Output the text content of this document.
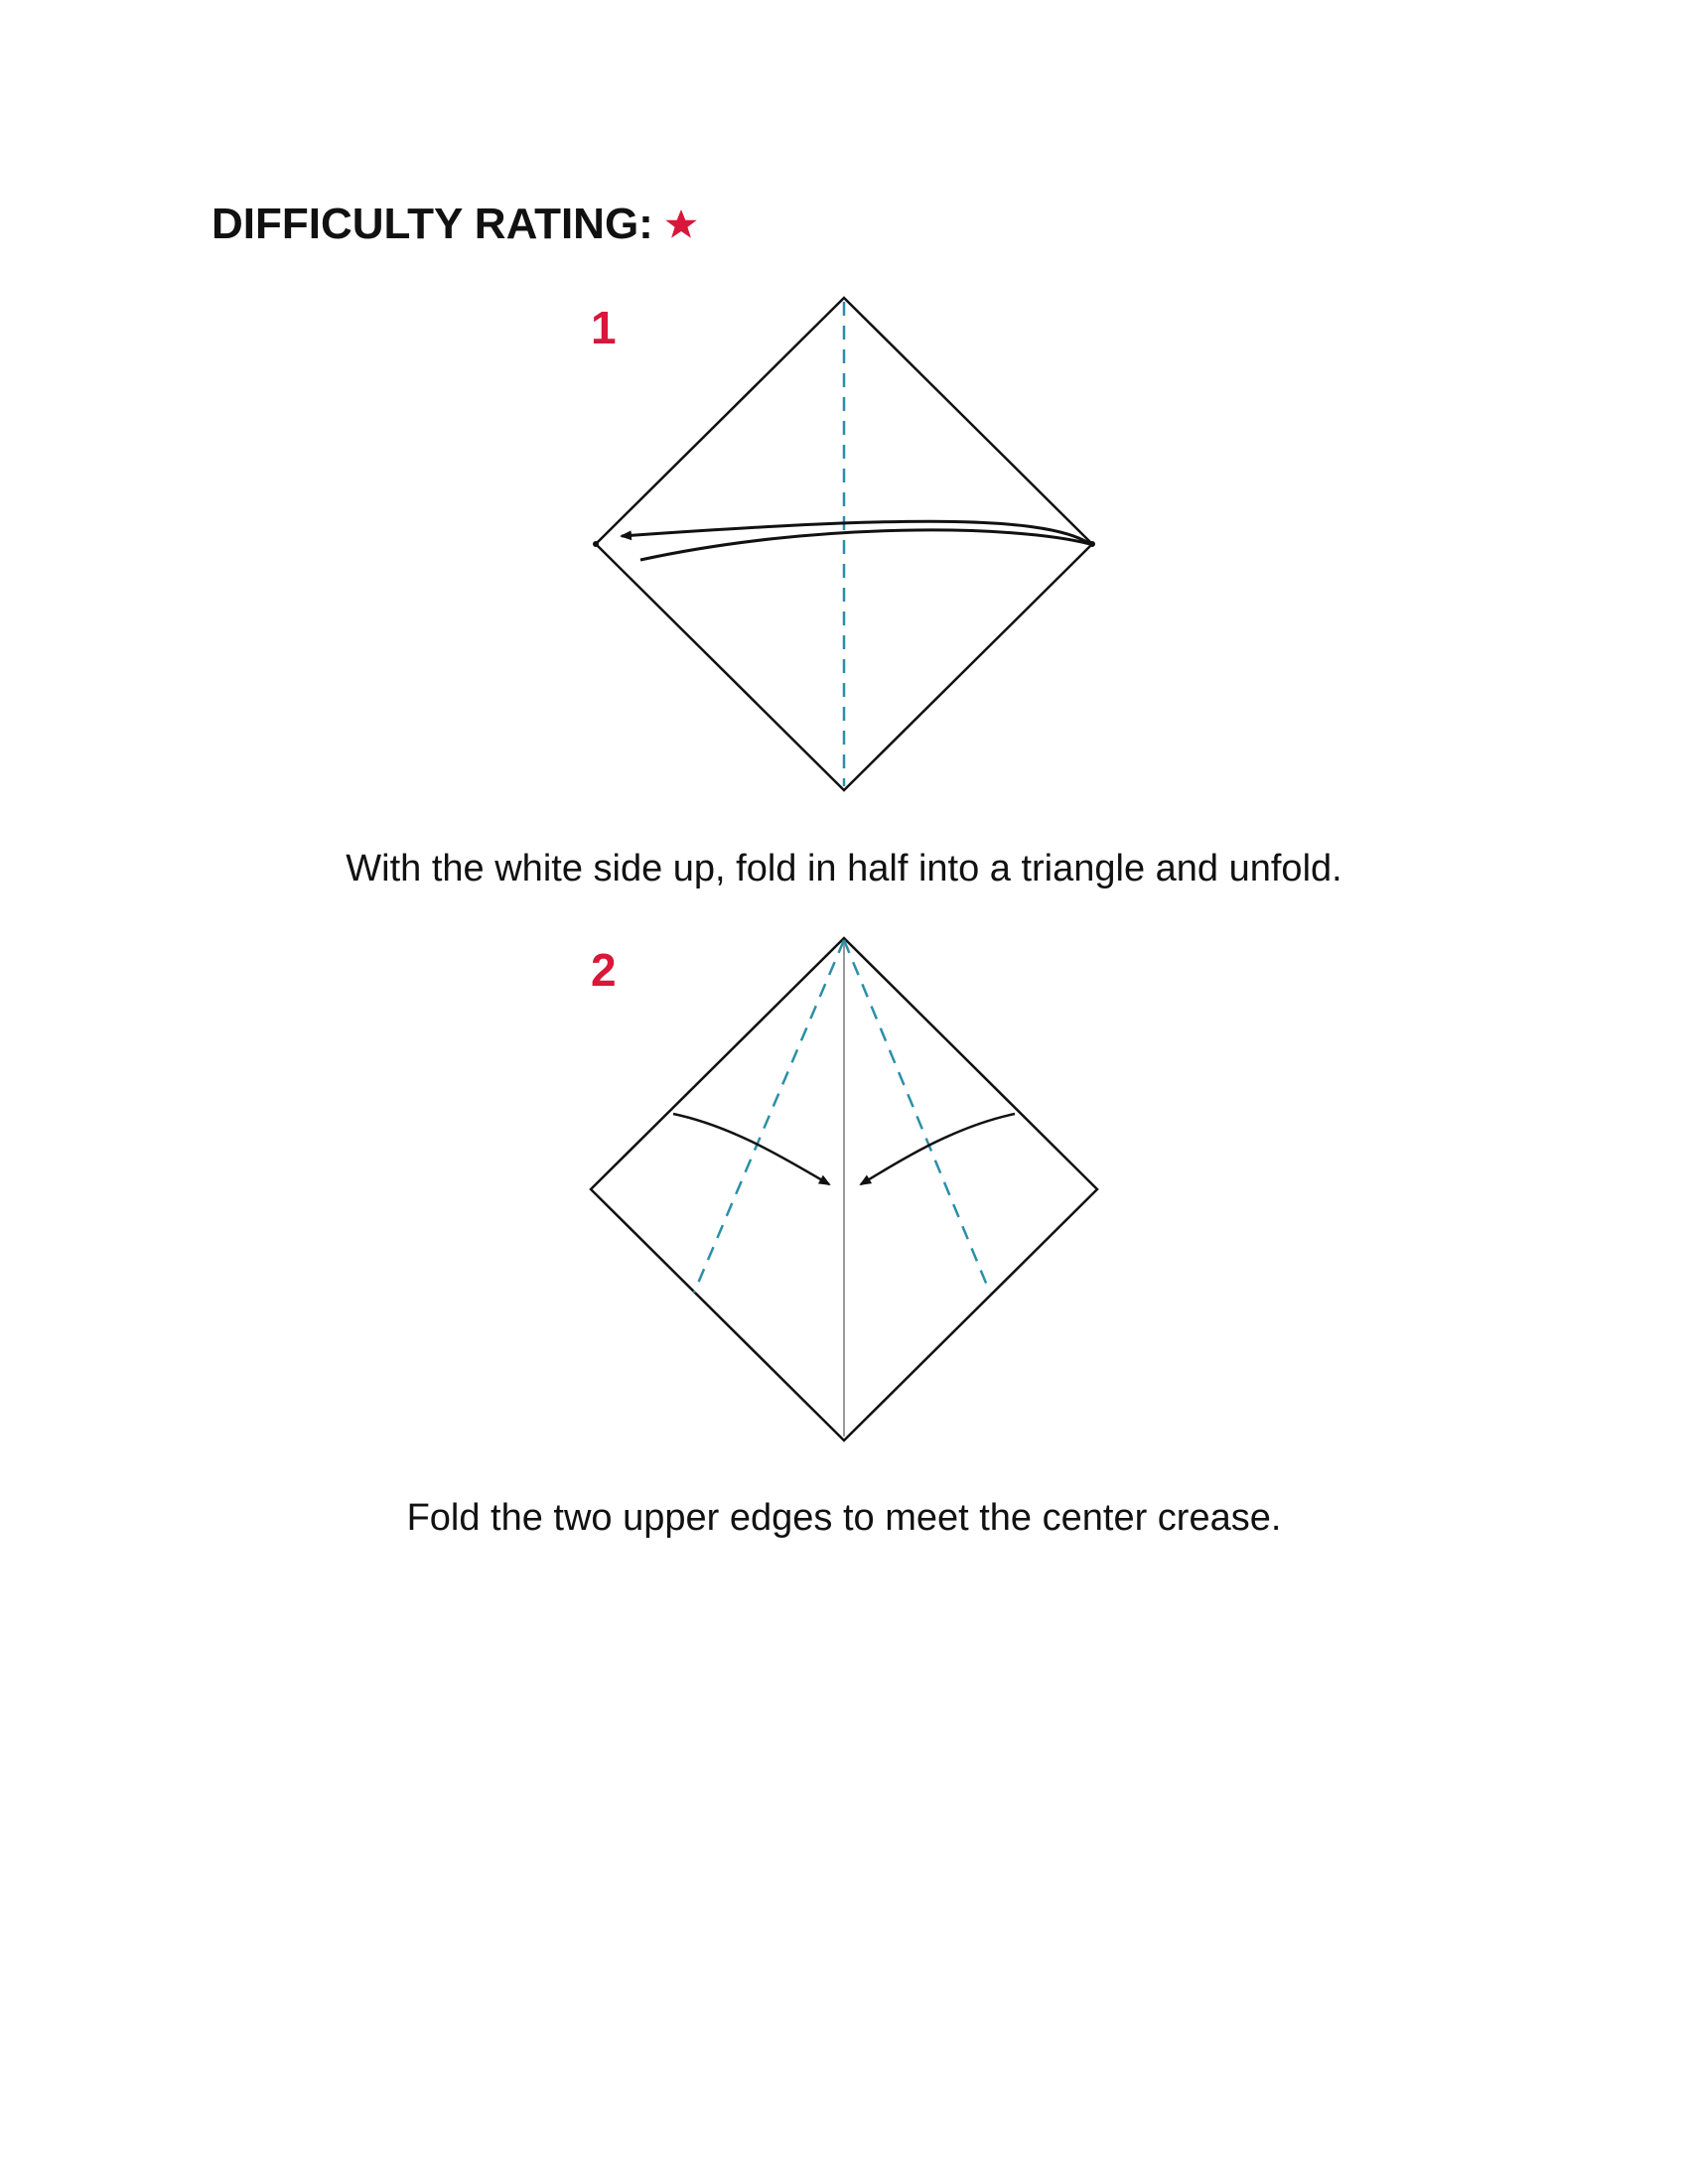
DIFFICULTY RATING:
1
With the white side up, fold in half into a triangle and unfold.
2
Fold the two upper edges to meet the center crease.
